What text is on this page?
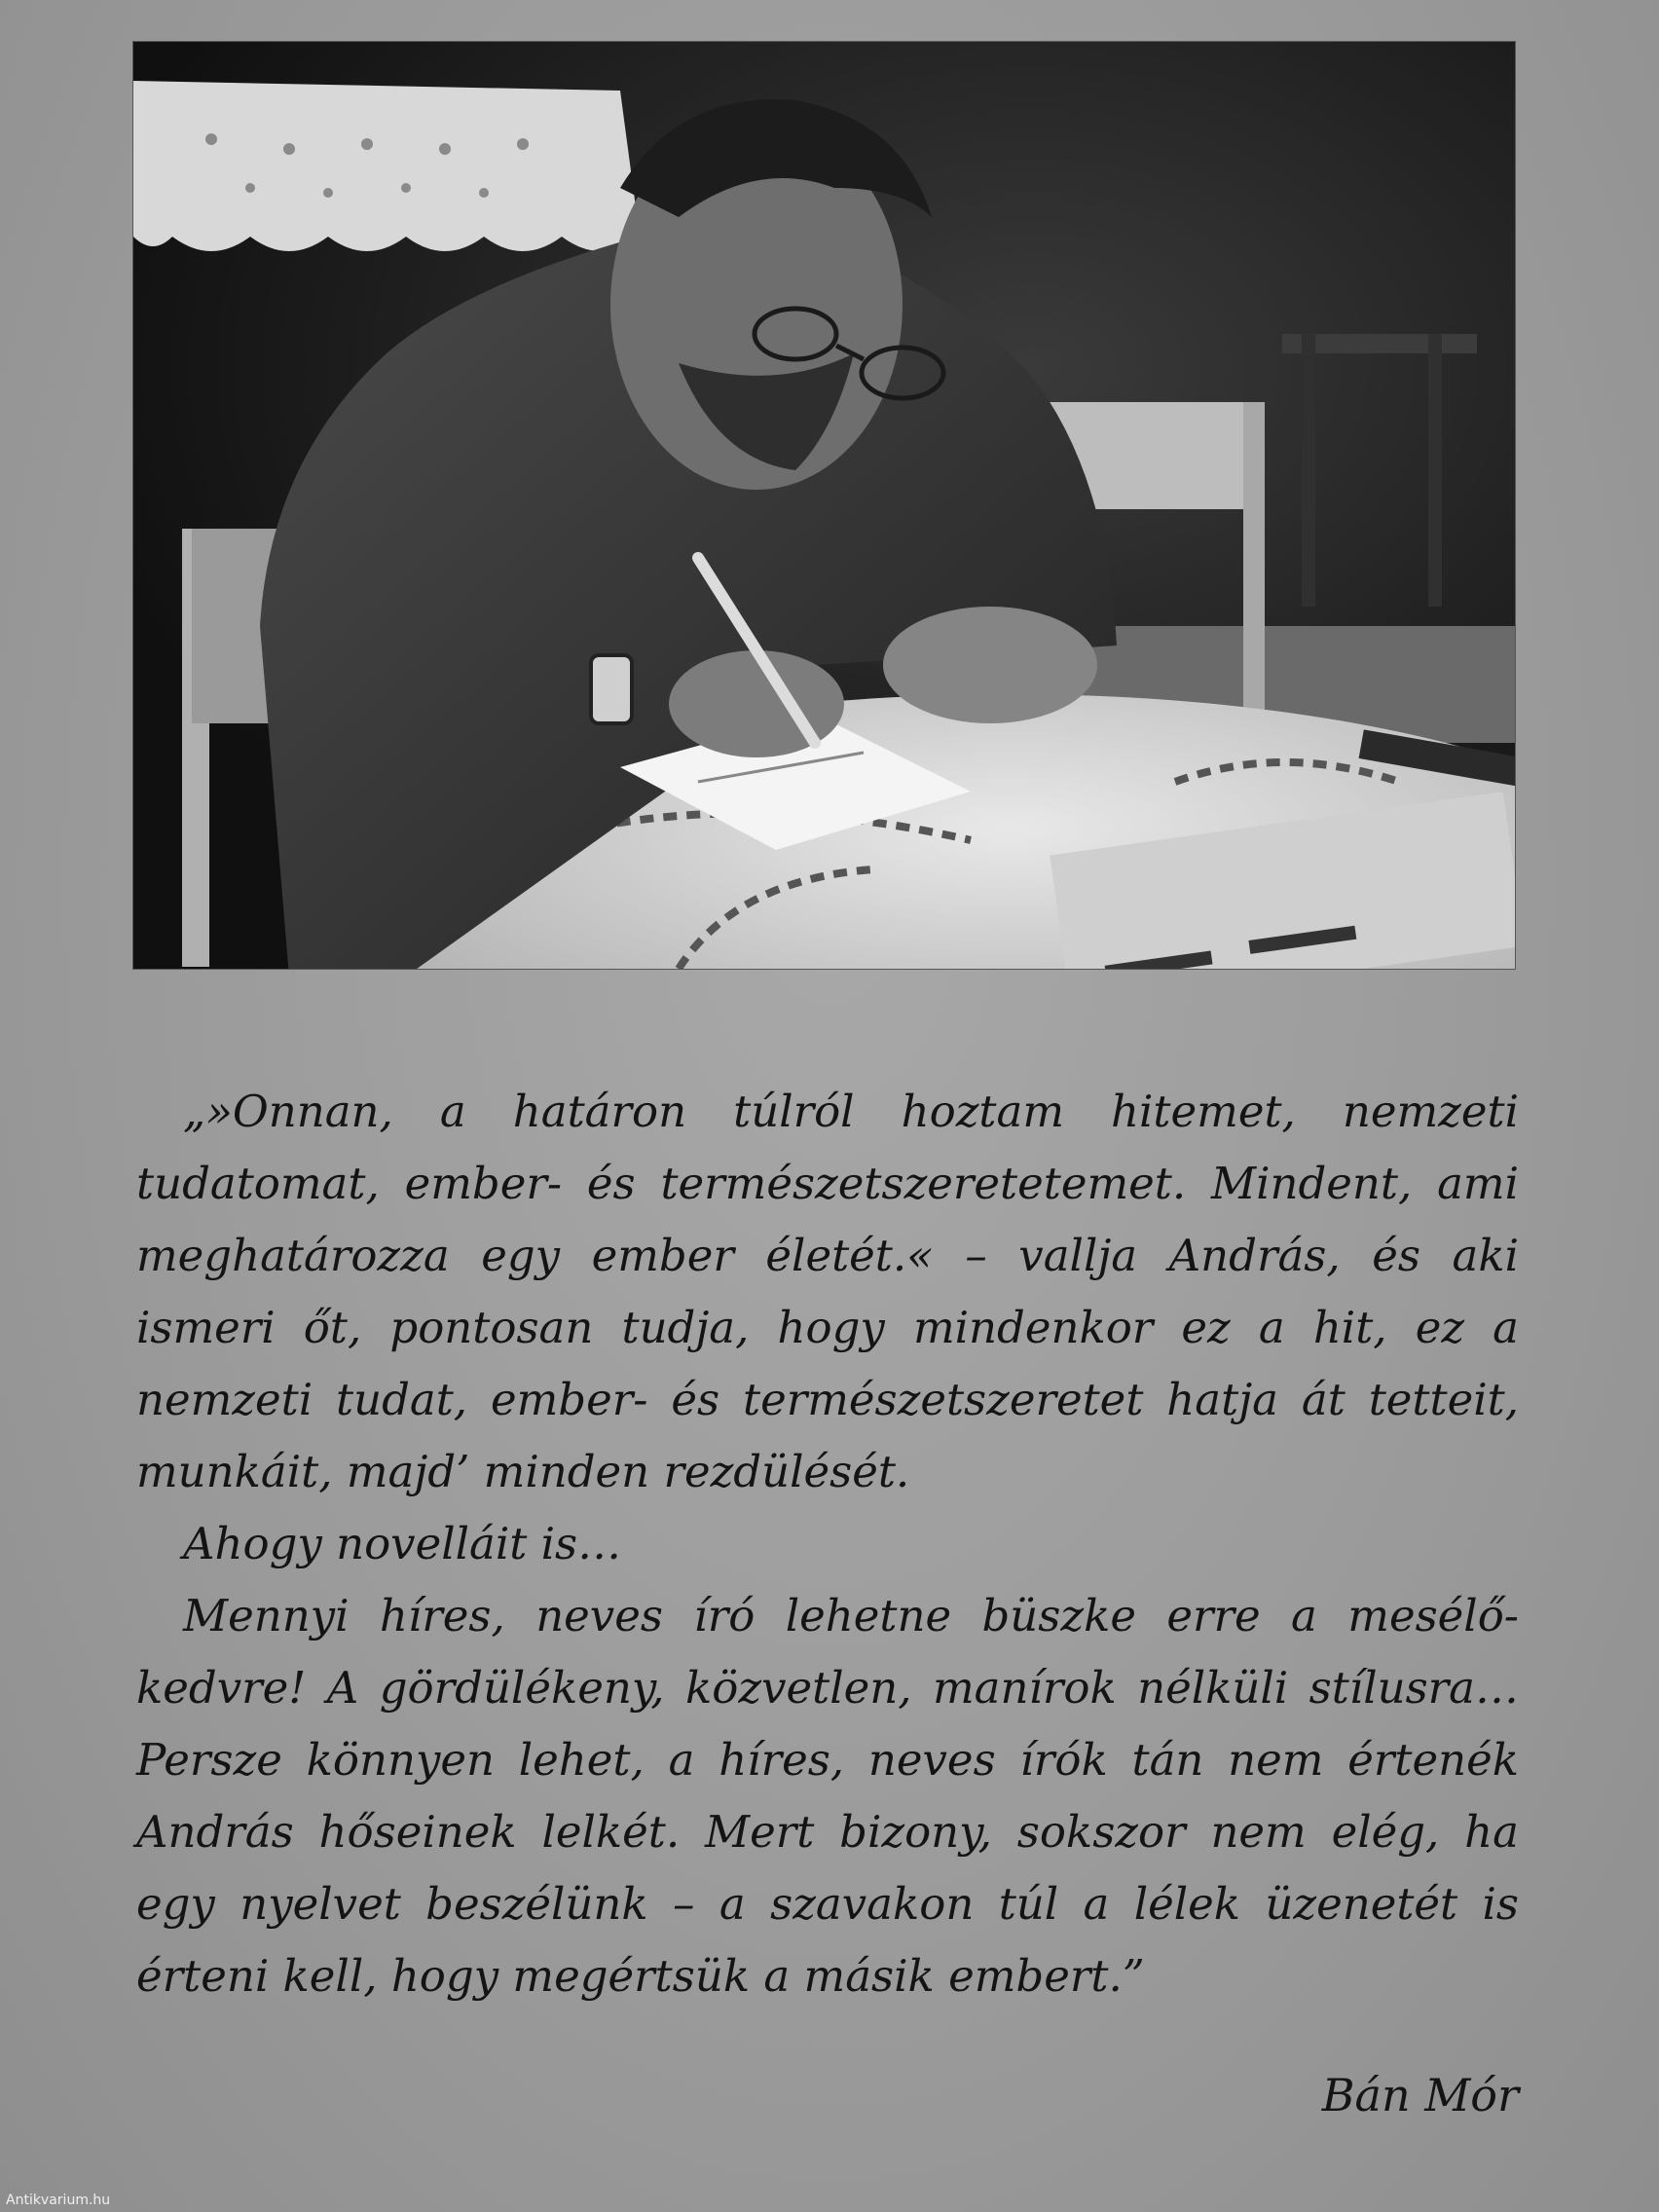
„»Onnan, a határon túlról hoztam hitemet, nemzeti tudatomat, ember- és természetszeretetemet. Mindent, ami meghatározza egy ember életét.« – vallja András, és aki ismeri őt, pontosan tudja, hogy mindenkor ez a hit, ez a nemzeti tudat, ember- és természetszeretet hatja át tetteit, munkáit, majd’ minden rezdülését.

Ahogy novelláit is…

Mennyi híres, neves író lehetne büszke erre a mesélő-kedvre! A gördülékeny, közvetlen, manírok nélküli stílusra… Persze könnyen lehet, a híres, neves írók tán nem értenék András hőseinek lelkét. Mert bizony, sokszor nem elég, ha egy nyelvet beszélünk – a szavakon túl a lélek üzenetét is érteni kell, hogy megértsük a másik embert.”

Bán Mór
Antikvarium.hu
